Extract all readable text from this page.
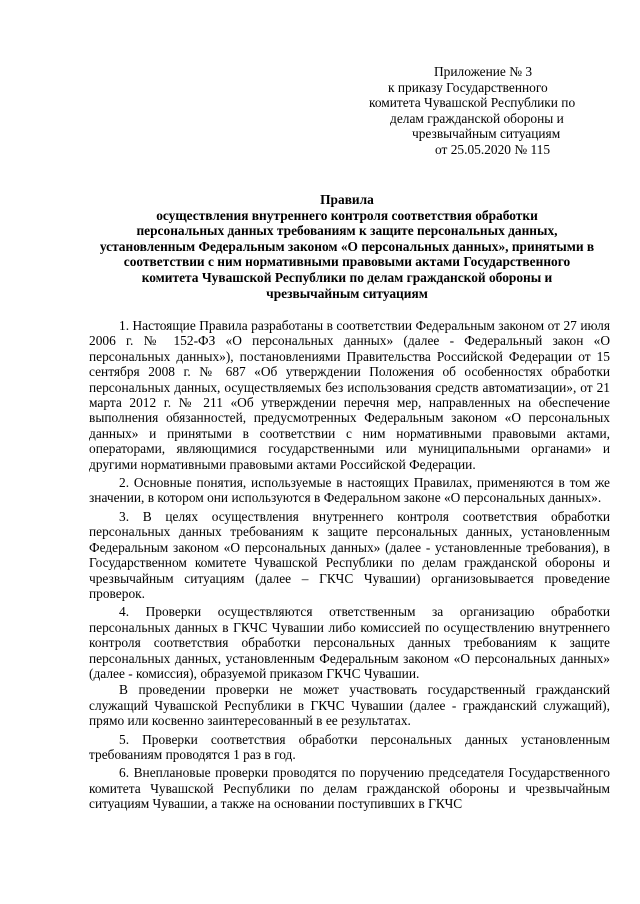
Приложение № 3
к приказу Государственного
комитета Чувашской Республики по
делам гражданской обороны и
чрезвычайным ситуациям
от 25.05.2020 № 115
Правила
осуществления внутреннего контроля соответствия обработки
персональных данных требованиям к защите персональных данных,
установленным Федеральным законом «О персональных данных», принятыми в
соответствии с ним нормативными правовыми актами Государственного
комитета Чувашской Республики по делам гражданской обороны и
чрезвычайным ситуациям

1. Настоящие Правила разработаны в соответствии Федеральным законом от 27 июля 2006 г. № 152-ФЗ «О персональных данных» (далее - Федеральный закон «О персональных данных»), постановлениями Правительства Российской Федерации от 15 сентября 2008 г. № 687 «Об утверждении Положения об особенностях обработки персональных данных, осуществляемых без использования средств автоматизации», от 21 марта 2012 г. № 211 «Об утверждении перечня мер, направленных на обеспечение выполнения обязанностей, предусмотренных Федеральным законом «О персональных данных» и принятыми в соответствии с ним нормативными правовыми актами, операторами, являющимися государственными или муниципальными органами» и другими нормативными правовыми актами Российской Федерации.

2. Основные понятия, используемые в настоящих Правилах, применяются в том же значении, в котором они используются в Федеральном законе «О персональных данных».

3. В целях осуществления внутреннего контроля соответствия обработки персональных данных требованиям к защите персональных данных, установленным Федеральным законом «О персональных данных» (далее - установленные требования), в Государственном комитете Чувашской Республики по делам гражданской обороны и чрезвычайным ситуациям (далее – ГКЧС Чувашии) организовывается проведение проверок.

4. Проверки осуществляются ответственным за организацию обработки персональных данных в ГКЧС Чувашии либо комиссией по осуществлению внутреннего контроля соответствия обработки персональных данных требованиям к защите персональных данных, установленным Федеральным законом «О персональных данных» (далее - комиссия), образуемой приказом ГКЧС Чувашии.

В проведении проверки не может участвовать государственный гражданский служащий Чувашской Республики в ГКЧС Чувашии (далее - гражданский служащий), прямо или косвенно заинтересованный в ее результатах.

5. Проверки соответствия обработки персональных данных установленным требованиям проводятся 1 раз в год.

6. Внеплановые проверки проводятся по поручению председателя Государственного комитета Чувашской Республики по делам гражданской обороны и чрезвычайным ситуациям Чувашии, а также на основании поступивших в ГКЧС
